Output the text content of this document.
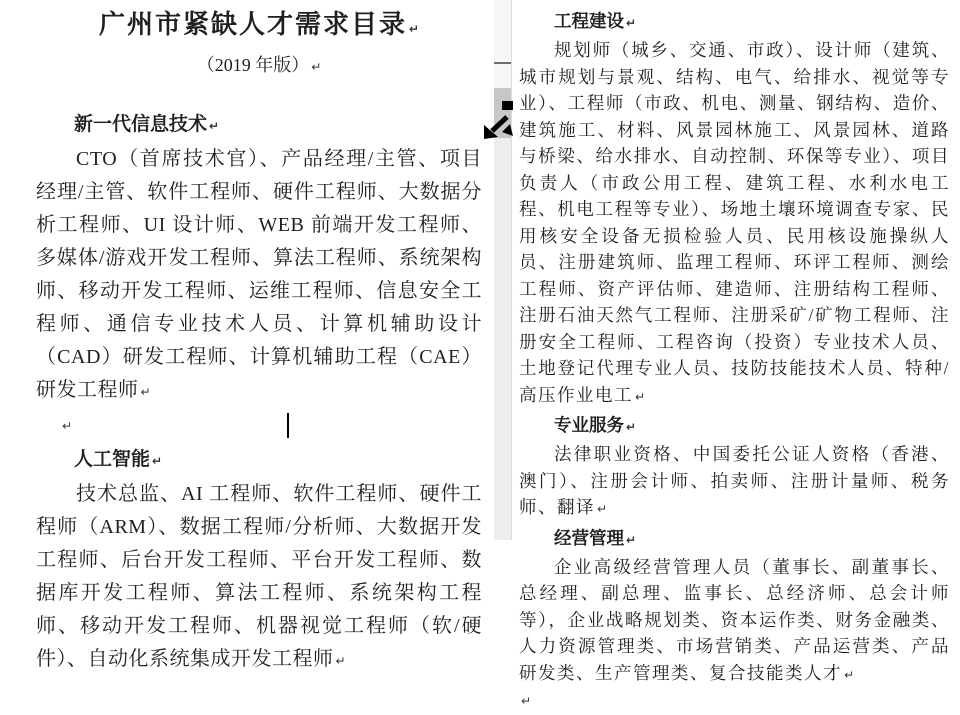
广州市紧缺人才需求目录 ↵
（2019 年版） ↵
新一代信息技术 ↵

CTO（首席技术官）、产品经理/主管、项目经理/主管、软件工程师、硬件工程师、大数据分析工程师、UI 设计师、WEB 前端开发工程师、多媒体/游戏开发工程师、算法工程师、系统架构师、移动开发工程师、运维工程师、信息安全工程师、通信专业技术人员、计算机辅助设计（CAD）研发工程师、计算机辅助工程（CAE）研发工程师 ↵

↵
人工智能 ↵

技术总监、AI 工程师、软件工程师、硬件工程师（ARM）、数据工程师/分析师、大数据开发工程师、后台开发工程师、平台开发工程师、数据库开发工程师、算法工程师、系统架构工程师、移动开发工程师、机器视觉工程师（软/硬件）、自动化系统集成开发工程师 ↵

工程建设 ↵

规划师（城乡、交通、市政）、设计师（建筑、城市规划与景观、结构、电气、给排水、视觉等专业）、工程师（市政、机电、测量、钢结构、造价、建筑施工、材料、风景园林施工、风景园林、道路与桥梁、给水排水、自动控制、环保等专业）、项目负责人（市政公用工程、建筑工程、水利水电工程、机电工程等专业）、场地土壤环境调查专家、民用核安全设备无损检验人员、民用核设施操纵人员、注册建筑师、监理工程师、环评工程师、测绘工程师、资产评估师、建造师、注册结构工程师、注册石油天然气工程师、注册采矿/矿物工程师、注册安全工程师、工程咨询（投资）专业技术人员、土地登记代理专业人员、技防技能技术人员、特种/高压作业电工 ↵

专业服务 ↵

法律职业资格、中国委托公证人资格（香港、澳门）、注册会计师、拍卖师、注册计量师、税务师、翻译 ↵

经营管理 ↵

企业高级经营管理人员（董事长、副董事长、总经理、副总理、监事长、总经济师、总会计师等），企业战略规划类、资本运作类、财务金融类、人力资源管理类、市场营销类、产品运营类、产品研发类、生产管理类、复合技能类人才 ↵

↵
